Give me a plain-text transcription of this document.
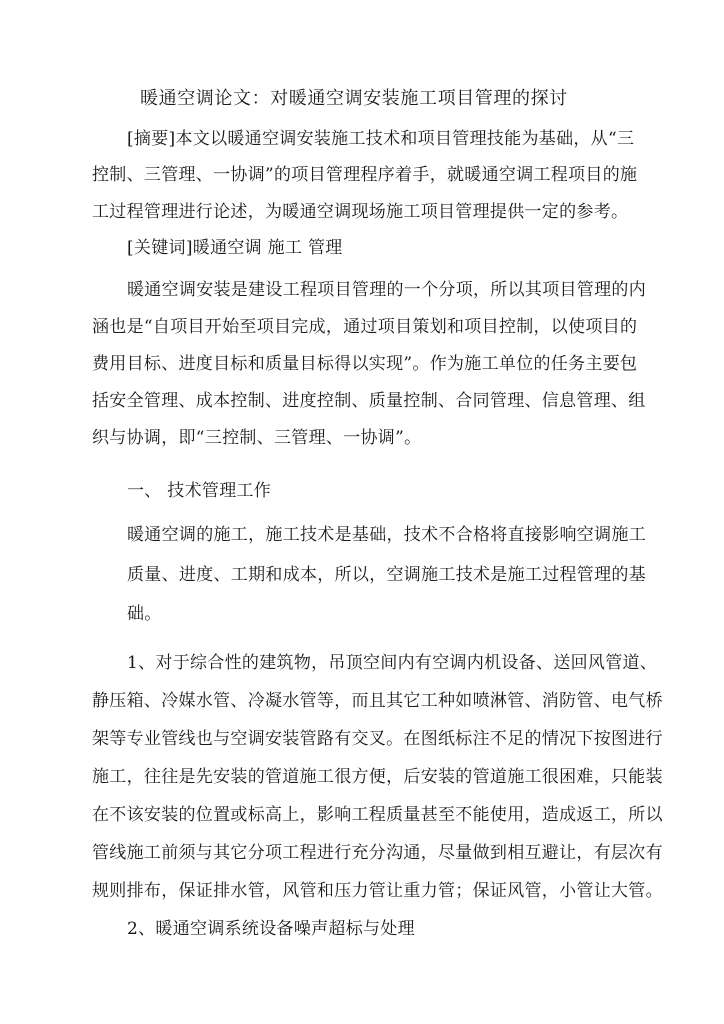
暖通空调论文：对暖通空调安装施工项目管理的探讨
[摘要]本文以暖通空调安装施工技术和项目管理技能为基础，从“三
控制、三管理、一协调”的项目管理程序着手，就暖通空调工程项目的施
工过程管理进行论述，为暖通空调现场施工项目管理提供一定的参考。
[关键词]暖通空调 施工 管理
暖通空调安装是建设工程项目管理的一个分项，所以其项目管理的内
涵也是“自项目开始至项目完成，通过项目策划和项目控制，以使项目的
费用目标、进度目标和质量目标得以实现”。作为施工单位的任务主要包
括安全管理、成本控制、进度控制、质量控制、合同管理、信息管理、组
织与协调，即“三控制、三管理、一协调”。
一、 技术管理工作
暖通空调的施工，施工技术是基础，技术不合格将直接影响空调施工
质量、进度、工期和成本，所以，空调施工技术是施工过程管理的基
础。
1、对于综合性的建筑物，吊顶空间内有空调内机设备、送回风管道、
静压箱、冷媒水管、冷凝水管等，而且其它工种如喷淋管、消防管、电气桥
架等专业管线也与空调安装管路有交叉。在图纸标注不足的情况下按图进行
施工，往往是先安装的管道施工很方便，后安装的管道施工很困难，只能装
在不该安装的位置或标高上，影响工程质量甚至不能使用，造成返工，所以
管线施工前须与其它分项工程进行充分沟通，尽量做到相互避让，有层次有
规则排布，保证排水管，风管和压力管让重力管；保证风管，小管让大管。
2、暖通空调系统设备噪声超标与处理
